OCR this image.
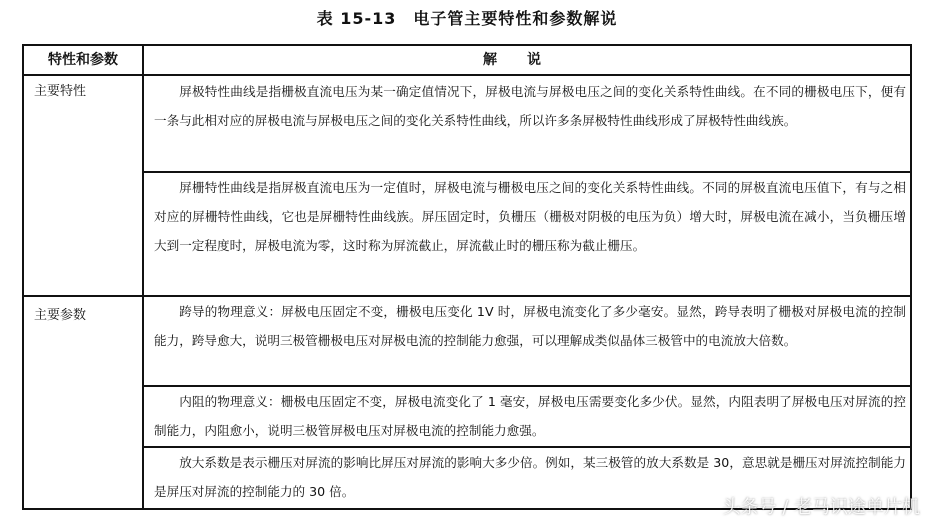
表 15-13　电子管主要特性和参数解说
特性和参数	解说
主要特性	屏极特性曲线是指栅极直流电压为某一确定值情况下，屏极电流与屏极电压之间的变化关系特性曲线。在不同的栅极电压下，便有一条与此相对应的屏极电流与屏极电压之间的变化关系特性曲线，所以许多条屏极特性曲线形成了屏极特性曲线族。
屏栅特性曲线是指屏极直流电压为一定值时，屏极电流与栅极电压之间的变化关系特性曲线。不同的屏极直流电压值下，有与之相对应的屏栅特性曲线，它也是屏栅特性曲线族。屏压固定时，负栅压（栅极对阴极的电压为负）增大时，屏极电流在减小，当负栅压增大到一定程度时，屏极电流为零，这时称为屏流截止，屏流截止时的栅压称为截止栅压。
主要参数	跨导的物理意义：屏极电压固定不变，栅极电压变化 1V 时，屏极电流变化了多少毫安。显然，跨导表明了栅极对屏极电流的控制能力，跨导愈大，说明三极管栅极电压对屏极电流的控制能力愈强，可以理解成类似晶体三极管中的电流放大倍数。
内阻的物理意义：栅极电压固定不变，屏极电流变化了 1 毫安，屏极电压需要变化多少伏。显然，内阻表明了屏极电压对屏流的控制能力，内阻愈小，说明三极管屏极电压对屏极电流的控制能力愈强。
放大系数是表示栅压对屏流的影响比屏压对屏流的影响大多少倍。例如，某三极管的放大系数是 30，意思就是栅压对屏流控制能力是屏压对屏流的控制能力的 30 倍。
头条号 / 老马识途单片机
